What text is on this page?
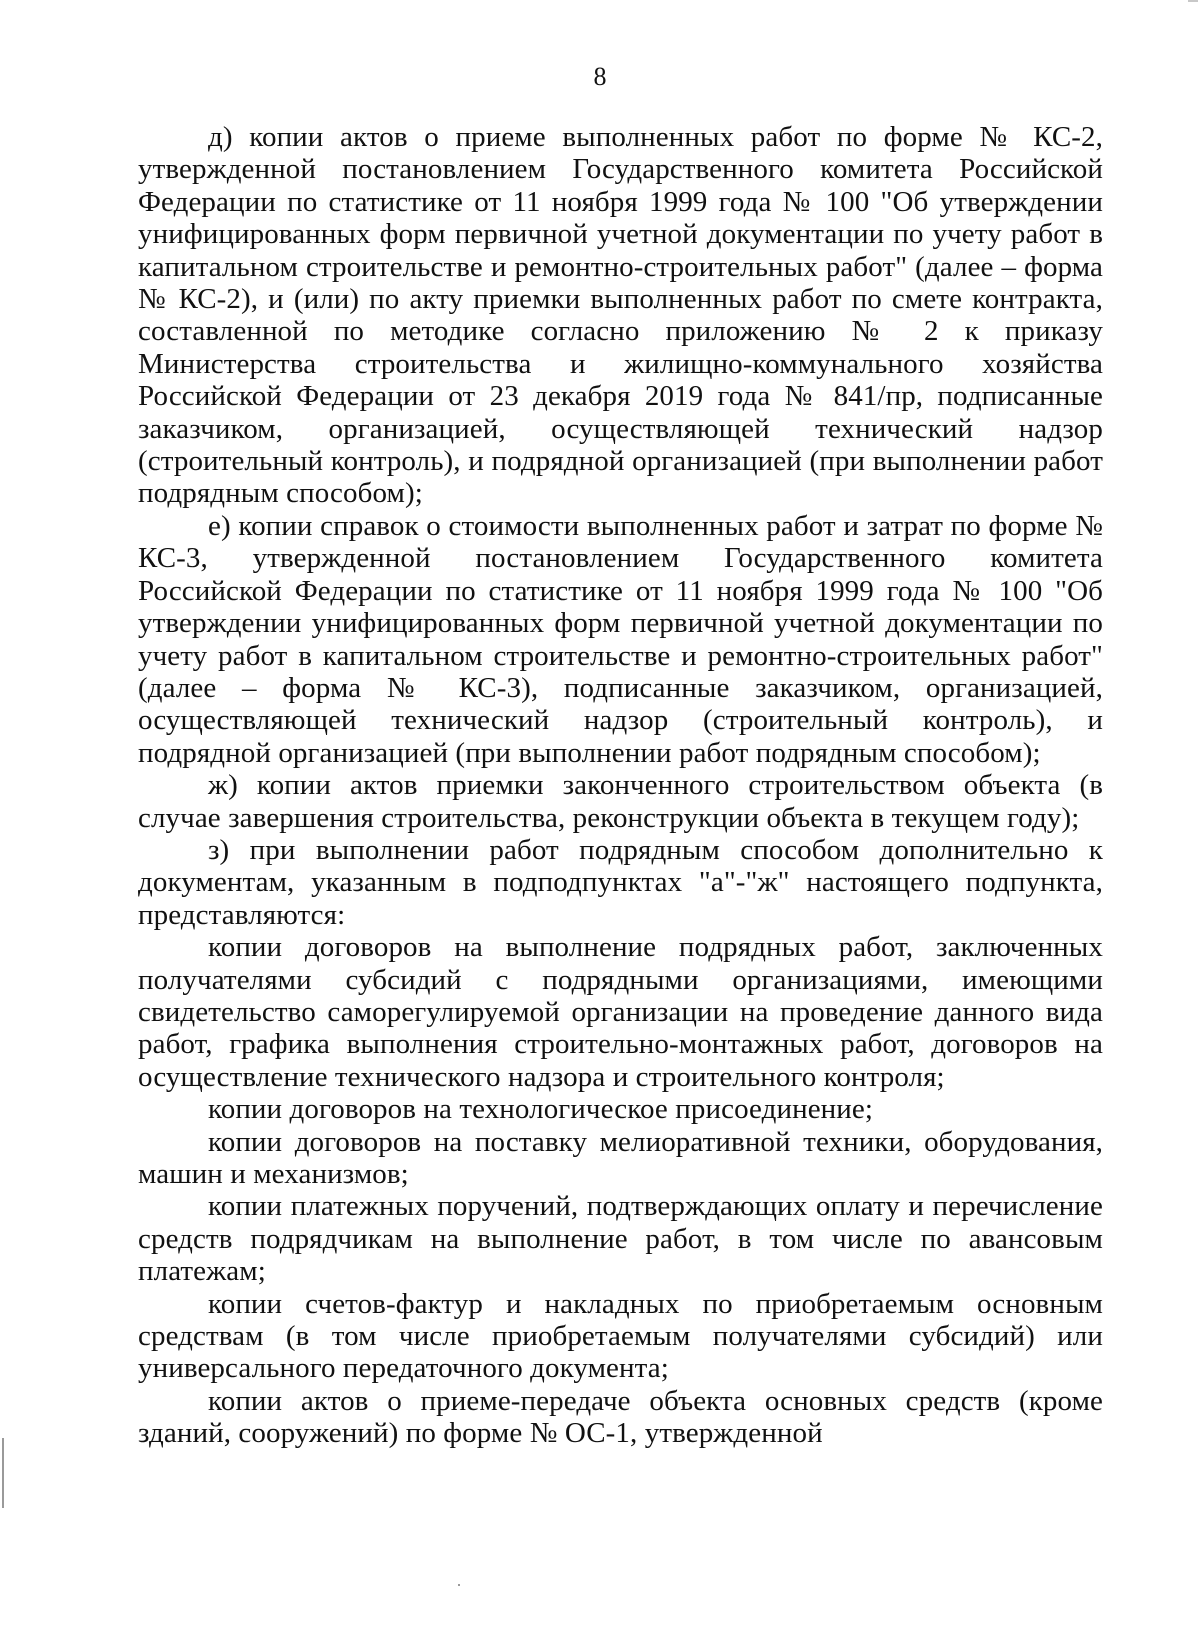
8

д) копии актов о приеме выполненных работ по форме № КС-2, утвержденной постановлением Государственного комитета Российской Федерации по статистике от 11 ноября 1999 года № 100 "Об утверждении унифицированных форм первичной учетной документации по учету работ в капитальном строительстве и ремонтно-строительных работ" (далее – форма № КС-2), и (или) по акту приемки выполненных работ по смете контракта, составленной по методике согласно приложению № 2 к приказу Министерства строительства и жилищно-коммунального хозяйства Российской Федерации от 23 декабря 2019 года № 841/пр, подписанные заказчиком, организацией, осуществляющей технический надзор (строительный контроль), и подрядной организацией (при выполнении работ подрядным способом);

е) копии справок о стоимости выполненных работ и затрат по форме № КС-3, утвержденной постановлением Государственного комитета Российской Федерации по статистике от 11 ноября 1999 года № 100 "Об утверждении унифицированных форм первичной учетной документации по учету работ в капитальном строительстве и ремонтно-строительных работ" (далее – форма № КС-3), подписанные заказчиком, организацией, осуществляющей технический надзор (строительный контроль), и подрядной организацией (при выполнении работ подрядным способом);

ж) копии актов приемки законченного строительством объекта (в случае завершения строительства, реконструкции объекта в текущем году);

з) при выполнении работ подрядным способом дополнительно к документам, указанным в подподпунктах "а"-"ж" настоящего подпункта, представляются:

копии договоров на выполнение подрядных работ, заключенных получателями субсидий с подрядными организациями, имеющими свидетельство саморегулируемой организации на проведение данного вида работ, графика выполнения строительно-монтажных работ, договоров на осуществление технического надзора и строительного контроля;

копии договоров на технологическое присоединение;

копии договоров на поставку мелиоративной техники, оборудования, машин и механизмов;

копии платежных поручений, подтверждающих оплату и перечисление средств подрядчикам на выполнение работ, в том числе по авансовым платежам;

копии счетов-фактур и накладных по приобретаемым основным средствам (в том числе приобретаемым получателями субсидий) или универсального передаточного документа;

копии актов о приеме-передаче объекта основных средств (кроме зданий, сооружений) по форме № ОС-1, утвержденной
